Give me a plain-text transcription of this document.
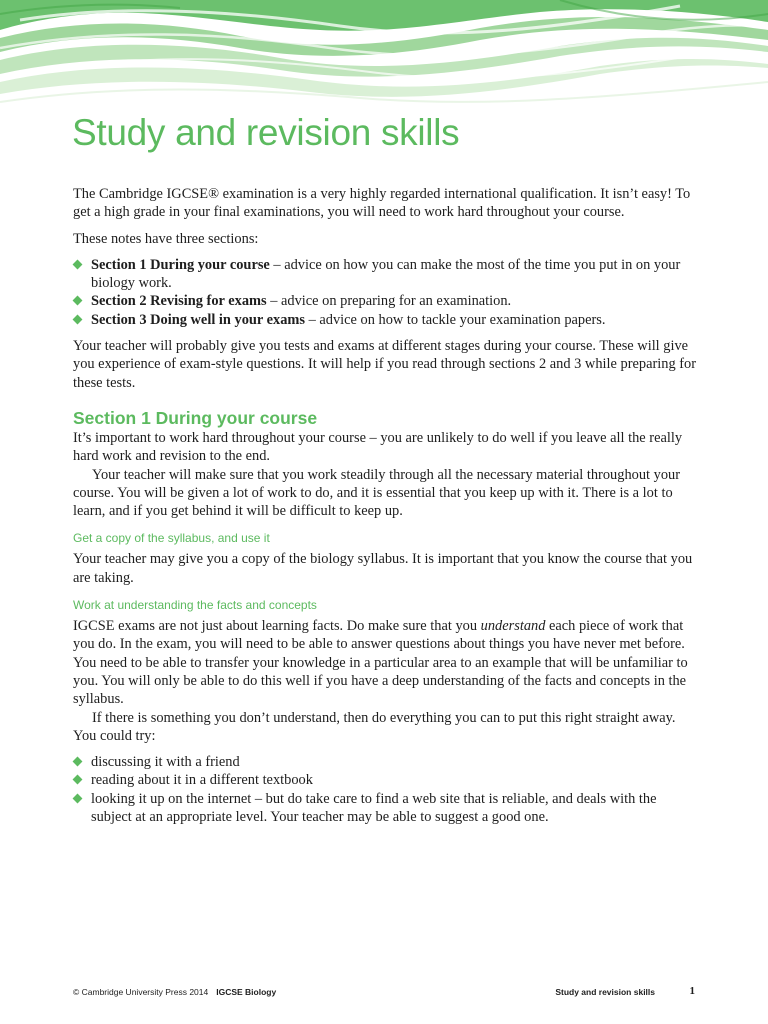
Study and revision skills

The Cambridge IGCSE® examination is a very highly regarded international qualification. It isn’t easy! To get a high grade in your final examinations, you will need to work hard throughout your course.

These notes have three sections:

Section 1 During your course – advice on how you can make the most of the time you put in on your biology work.
Section 2 Revising for exams – advice on preparing for an examination.
Section 3 Doing well in your exams – advice on how to tackle your examination papers.

Your teacher will probably give you tests and exams at different stages during your course. These will give you experience of exam-style questions. It will help if you read through sections 2 and 3 while preparing for these tests.

Section 1 During your course

It’s important to work hard throughout your course – you are unlikely to do well if you leave all the really hard work and revision to the end.

Your teacher will make sure that you work steadily through all the necessary material throughout your course. You will be given a lot of work to do, and it is essential that you keep up with it. There is a lot to learn, and if you get behind it will be difficult to keep up.

Get a copy of the syllabus, and use it

Your teacher may give you a copy of the biology syllabus. It is important that you know the course that you are taking.

Work at understanding the facts and concepts

IGCSE exams are not just about learning facts. Do make sure that you understand each piece of work that you do. In the exam, you will need to be able to answer questions about things you have never met before. You need to be able to transfer your knowledge in a particular area to an example that will be unfamiliar to you. You will only be able to do this well if you have a deep understanding of the facts and concepts in the syllabus.

If there is something you don’t understand, then do everything you can to put this right straight away. You could try:

discussing it with a friend
reading about it in a different textbook
looking it up on the internet – but do take care to find a web site that is reliable, and deals with the subject at an appropriate level. Your teacher may be able to suggest a good one.
© Cambridge University Press 2014 IGCSE Biology	Study and revision skills	1
